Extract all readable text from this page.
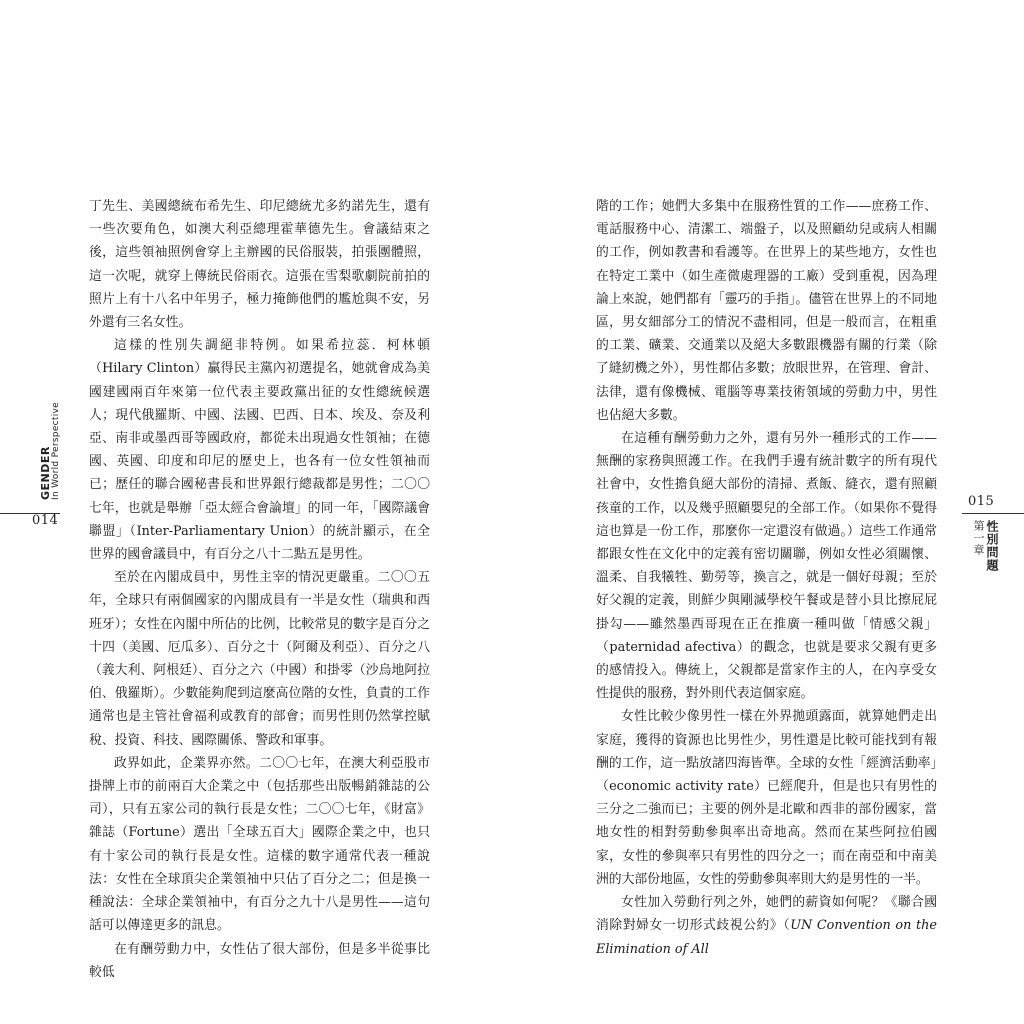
丁先生、美國總統布希先生、印尼總統尤多約諾先生，還有一些次要角色，如澳大利亞總理霍華德先生。會議結束之後，這些領袖照例會穿上主辦國的民俗服裝，拍張團體照，這一次呢，就穿上傳統民俗雨衣。這張在雪梨歌劇院前拍的照片上有十八名中年男子，極力掩飾他們的尷尬與不安，另外還有三名女性。

這樣的性別失調絕非特例。如果希拉蕊．柯林頓（Hilary Clinton）贏得民主黨內初選提名，她就會成為美國建國兩百年來第一位代表主要政黨出征的女性總統候選人；現代俄羅斯、中國、法國、巴西、日本、埃及、奈及利亞、南非或墨西哥等國政府，都從未出現過女性領袖；在德國、英國、印度和印尼的歷史上，也各有一位女性領袖而已；歷任的聯合國秘書長和世界銀行總裁都是男性；二〇〇七年，也就是舉辦「亞太經合會論壇」的同一年，「國際議會聯盟」（Inter-Parliamentary Union）的統計顯示，在全世界的國會議員中，有百分之八十二點五是男性。

至於在內閣成員中，男性主宰的情況更嚴重。二〇〇五年，全球只有兩個國家的內閣成員有一半是女性（瑞典和西班牙）；女性在內閣中所佔的比例，比較常見的數字是百分之十四（美國、厄瓜多）、百分之十（阿爾及利亞）、百分之八（義大利、阿根廷）、百分之六（中國）和掛零（沙烏地阿拉伯、俄羅斯）。少數能夠爬到這麼高位階的女性，負責的工作通常也是主管社會福利或教育的部會；而男性則仍然掌控賦稅、投資、科技、國際關係、警政和軍事。

政界如此，企業界亦然。二〇〇七年，在澳大利亞股市掛牌上市的前兩百大企業之中（包括那些出版暢銷雜誌的公司），只有五家公司的執行長是女性；二〇〇七年，《財富》雜誌（Fortune）選出「全球五百大」國際企業之中，也只有十家公司的執行長是女性。這樣的數字通常代表一種說法：女性在全球頂尖企業領袖中只佔了百分之二；但是換一種說法：全球企業領袖中，有百分之九十八是男性——這句話可以傳達更多的訊息。

在有酬勞動力中，女性佔了很大部份，但是多半從事比較低

014
GENDER In World Perspective

階的工作；她們大多集中在服務性質的工作——庶務工作、電話服務中心、清潔工、端盤子，以及照顧幼兒或病人相關的工作，例如教書和看護等。在世界上的某些地方，女性也在特定工業中（如生產微處理器的工廠）受到重視，因為理論上來說，她們都有「靈巧的手指」。儘管在世界上的不同地區，男女細部分工的情況不盡相同，但是一般而言，在粗重的工業、礦業、交通業以及絕大多數跟機器有關的行業（除了縫紉機之外），男性都佔多數；放眼世界，在管理、會計、法律，還有像機械、電腦等專業技術領域的勞動力中，男性也佔絕大多數。

在這種有酬勞動力之外，還有另外一種形式的工作——無酬的家務與照護工作。在我們手邊有統計數字的所有現代社會中，女性擔負絕大部份的清掃、煮飯、縫衣，還有照顧孩童的工作，以及幾乎照顧嬰兒的全部工作。（如果你不覺得這也算是一份工作，那麼你一定還沒有做過。）這些工作通常都跟女性在文化中的定義有密切關聯，例如女性必須關懷、溫柔、自我犧牲、勤勞等，換言之，就是一個好母親；至於好父親的定義，則鮮少與剛滅學校午餐或是替小貝比擦屁屁掛勾——雖然墨西哥現在正在推廣一種叫做「情感父親」（paternidad afectiva）的觀念，也就是要求父親有更多的感情投入。傳統上，父親都是當家作主的人，在內享受女性提供的服務，對外則代表這個家庭。

女性比較少像男性一樣在外界拋頭露面，就算她們走出家庭，獲得的資源也比男性少，男性還是比較可能找到有報酬的工作，這一點放諸四海皆準。全球的女性「經濟活動率」（economic activity rate）已經爬升，但是也只有男性的三分之二強而已；主要的例外是北歐和西非的部份國家，當地女性的相對勞動參與率出奇地高。然而在某些阿拉伯國家，女性的參與率只有男性的四分之一；而在南亞和中南美洲的大部份地區，女性的勞動參與率則大約是男性的一半。

女性加入勞動行列之外，她們的薪資如何呢？《聯合國消除對婦女一切形式歧視公約》（UN Convention on the Elimination of All

015
第一章 性別問題
